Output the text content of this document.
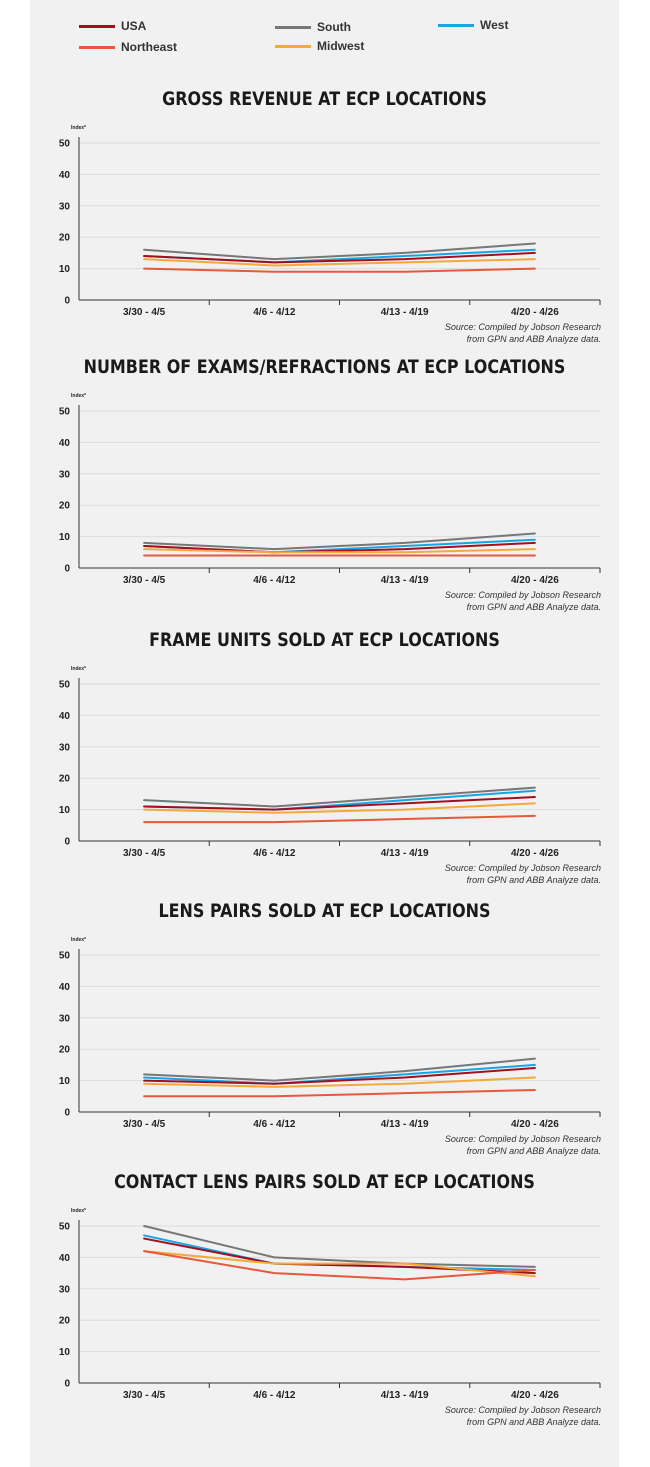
USA
Northeast
South
Midwest
West
GROSS REVENUE AT ECP LOCATIONS
Index*
0
10
20
30
40
50
3/30 - 4/5	4/6 - 4/12	4/13 - 4/19	4/20 - 4/26
Source: Compiled by Jobson Research
from GPN and ABB Analyze data.
NUMBER OF EXAMS/REFRACTIONS AT ECP LOCATIONS
Index*
0
10
20
30
40
50
3/30 - 4/5	4/6 - 4/12	4/13 - 4/19	4/20 - 4/26
Source: Compiled by Jobson Research
from GPN and ABB Analyze data.
FRAME UNITS SOLD AT ECP LOCATIONS
Index*
0
10
20
30
40
50
3/30 - 4/5	4/6 - 4/12	4/13 - 4/19	4/20 - 4/26
Source: Compiled by Jobson Research
from GPN and ABB Analyze data.
LENS PAIRS SOLD AT ECP LOCATIONS
Index*
0
10
20
30
40
50
3/30 - 4/5	4/6 - 4/12	4/13 - 4/19	4/20 - 4/26
Source: Compiled by Jobson Research
from GPN and ABB Analyze data.
CONTACT LENS PAIRS SOLD AT ECP LOCATIONS
Index*
0
10
20
30
40
50
3/30 - 4/5	4/6 - 4/12	4/13 - 4/19	4/20 - 4/26
Source: Compiled by Jobson Research
from GPN and ABB Analyze data.
